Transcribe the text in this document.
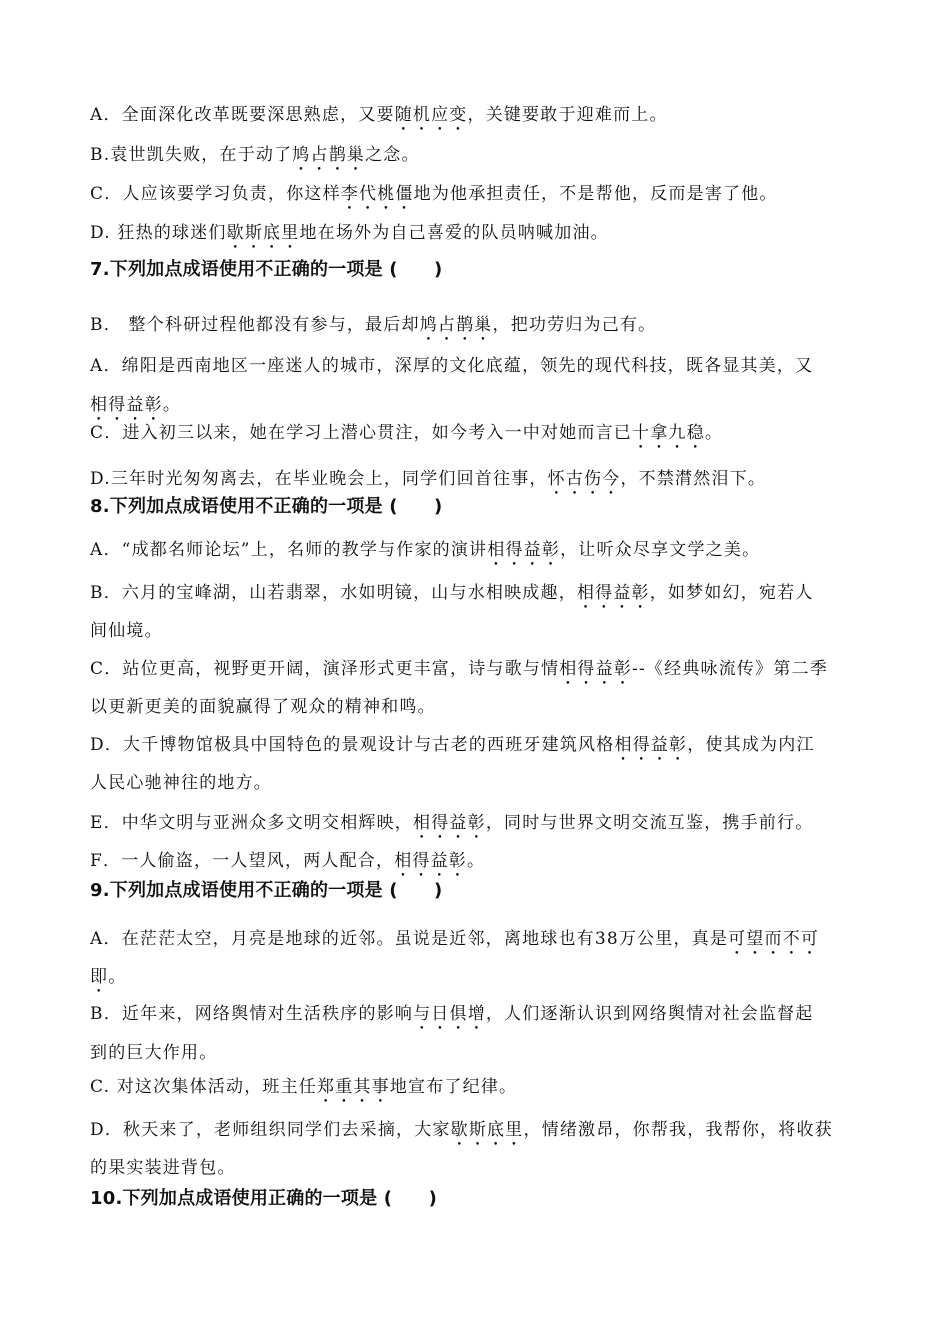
A．全面深化改革既要深思熟虑，又要随机应变，关键要敢于迎难而上。
B.袁世凯失败，在于动了鸠占鹊巢之念。
C．人应该要学习负责，你这样李代桃僵地为他承担责任，不是帮他，反而是害了他。
D. 狂热的球迷们歇斯底里地在场外为自己喜爱的队员呐喊加油。
7.下列加点成语使用不正确的一项是 (　　)
B． 整个科研过程他都没有参与，最后却鸠占鹊巢，把功劳归为己有。
A．绵阳是西南地区一座迷人的城市，深厚的文化底蕴，领先的现代科技，既各显其美，又
相得益彰。
C．进入初三以来，她在学习上潜心贯注，如今考入一中对她而言已十拿九稳。
D.三年时光匆匆离去，在毕业晚会上，同学们回首往事，怀古伤今，不禁潸然泪下。
8.下列加点成语使用不正确的一项是 (　　)
A．“成都名师论坛”上，名师的教学与作家的演讲相得益彰，让听众尽享文学之美。
B．六月的宝峰湖，山若翡翠，水如明镜，山与水相映成趣，相得益彰，如梦如幻，宛若人
间仙境。
C．站位更高，视野更开阔，演泽形式更丰富，诗与歌与情相得益彰--《经典咏流传》第二季
以更新更美的面貌赢得了观众的精神和鸣。
D．大千博物馆极具中国特色的景观设计与古老的西班牙建筑风格相得益彰，使其成为内江
人民心驰神往的地方。
E．中华文明与亚洲众多文明交相辉映，相得益彰，同时与世界文明交流互鉴，携手前行。
F．一人偷盗，一人望风，两人配合，相得益彰。
9.下列加点成语使用不正确的一项是 (　　)
A．在茫茫太空，月亮是地球的近邻。虽说是近邻，离地球也有38万公里，真是可望而不可
即。
B．近年来，网络舆情对生活秩序的影响与日俱增，人们逐渐认识到网络舆情对社会监督起
到的巨大作用。
C. 对这次集体活动，班主任郑重其事地宣布了纪律。
D．秋天来了，老师组织同学们去采摘，大家歇斯底里，情绪激昂，你帮我，我帮你，将收获
的果实装进背包。
10.下列加点成语使用正确的一项是 (　　)
